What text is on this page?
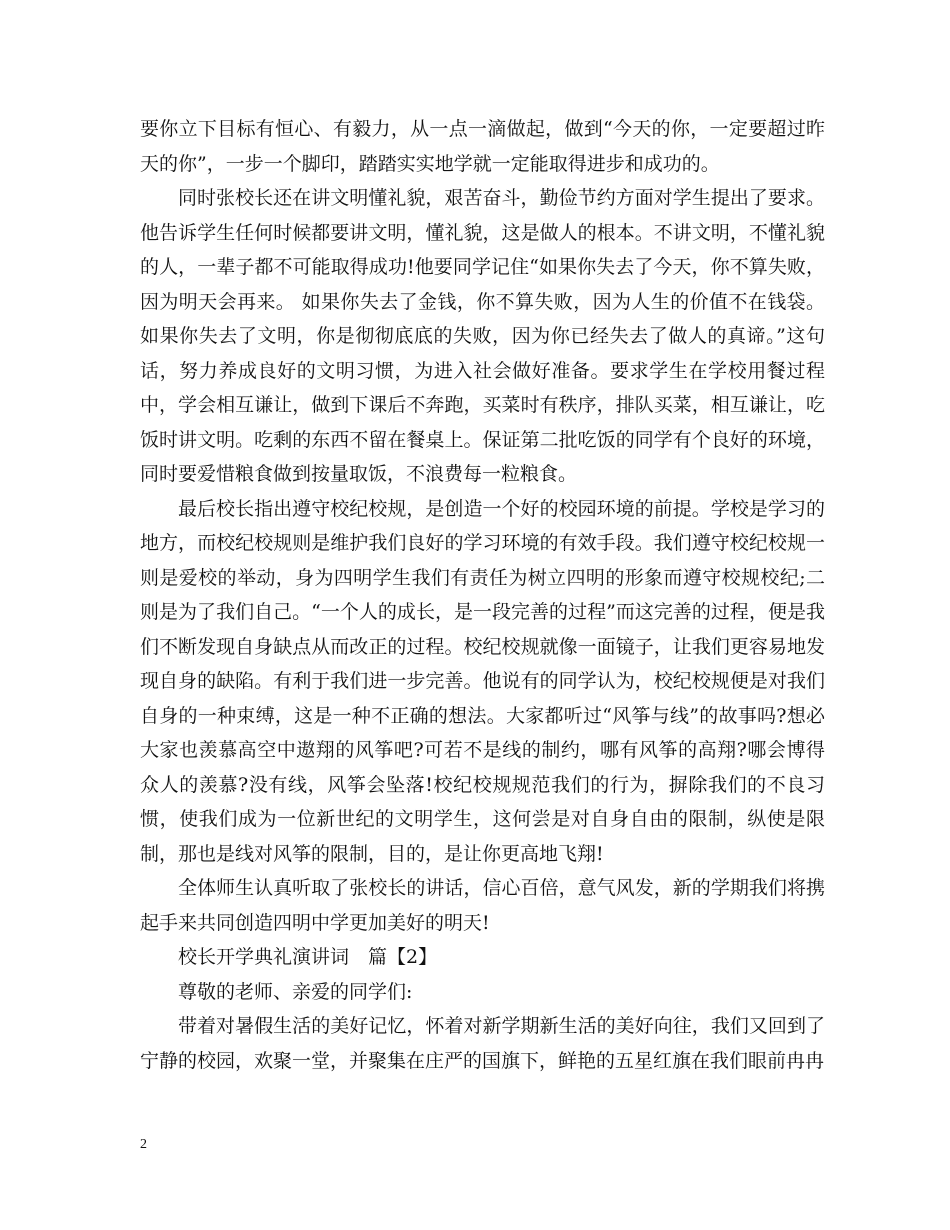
要你立下目标有恒心、有毅力，从一点一滴做起，做到“今天的你，一定要超过昨天的你”，一步一个脚印，踏踏实实地学就一定能取得进步和成功的。

同时张校长还在讲文明懂礼貌，艰苦奋斗，勤俭节约方面对学生提出了要求。他告诉学生任何时候都要讲文明，懂礼貌，这是做人的根本。不讲文明，不懂礼貌的人，一辈子都不可能取得成功!他要同学记住“如果你失去了今天，你不算失败，因为明天会再来。 如果你失去了金钱，你不算失败，因为人生的价值不在钱袋。如果你失去了文明，你是彻彻底底的失败，因为你已经失去了做人的真谛。”这句话，努力养成良好的文明习惯，为进入社会做好准备。要求学生在学校用餐过程中，学会相互谦让，做到下课后不奔跑，买菜时有秩序，排队买菜，相互谦让，吃饭时讲文明。吃剩的东西不留在餐桌上。保证第二批吃饭的同学有个良好的环境，同时要爱惜粮食做到按量取饭，不浪费每一粒粮食。

最后校长指出遵守校纪校规，是创造一个好的校园环境的前提。学校是学习的地方，而校纪校规则是维护我们良好的学习环境的有效手段。我们遵守校纪校规一则是爱校的举动，身为四明学生我们有责任为树立四明的形象而遵守校规校纪;二则是为了我们自己。“一个人的成长，是一段完善的过程”而这完善的过程，便是我们不断发现自身缺点从而改正的过程。校纪校规就像一面镜子，让我们更容易地发现自身的缺陷。有利于我们进一步完善。他说有的同学认为，校纪校规便是对我们自身的一种束缚，这是一种不正确的想法。大家都听过“风筝与线”的故事吗?想必大家也羡慕高空中遨翔的风筝吧?可若不是线的制约，哪有风筝的高翔?哪会博得众人的羡慕?没有线，风筝会坠落!校纪校规规范我们的行为，摒除我们的不良习惯，使我们成为一位新世纪的文明学生，这何尝是对自身自由的限制，纵使是限制，那也是线对风筝的限制，目的，是让你更高地飞翔!

全体师生认真听取了张校长的讲话，信心百倍，意气风发，新的学期我们将携起手来共同创造四明中学更加美好的明天!

校长开学典礼演讲词　篇【2】

尊敬的老师、亲爱的同学们:

带着对暑假生活的美好记忆，怀着对新学期新生活的美好向往，我们又回到了宁静的校园，欢聚一堂，并聚集在庄严的国旗下，鲜艳的五星红旗在我们眼前冉冉

2
